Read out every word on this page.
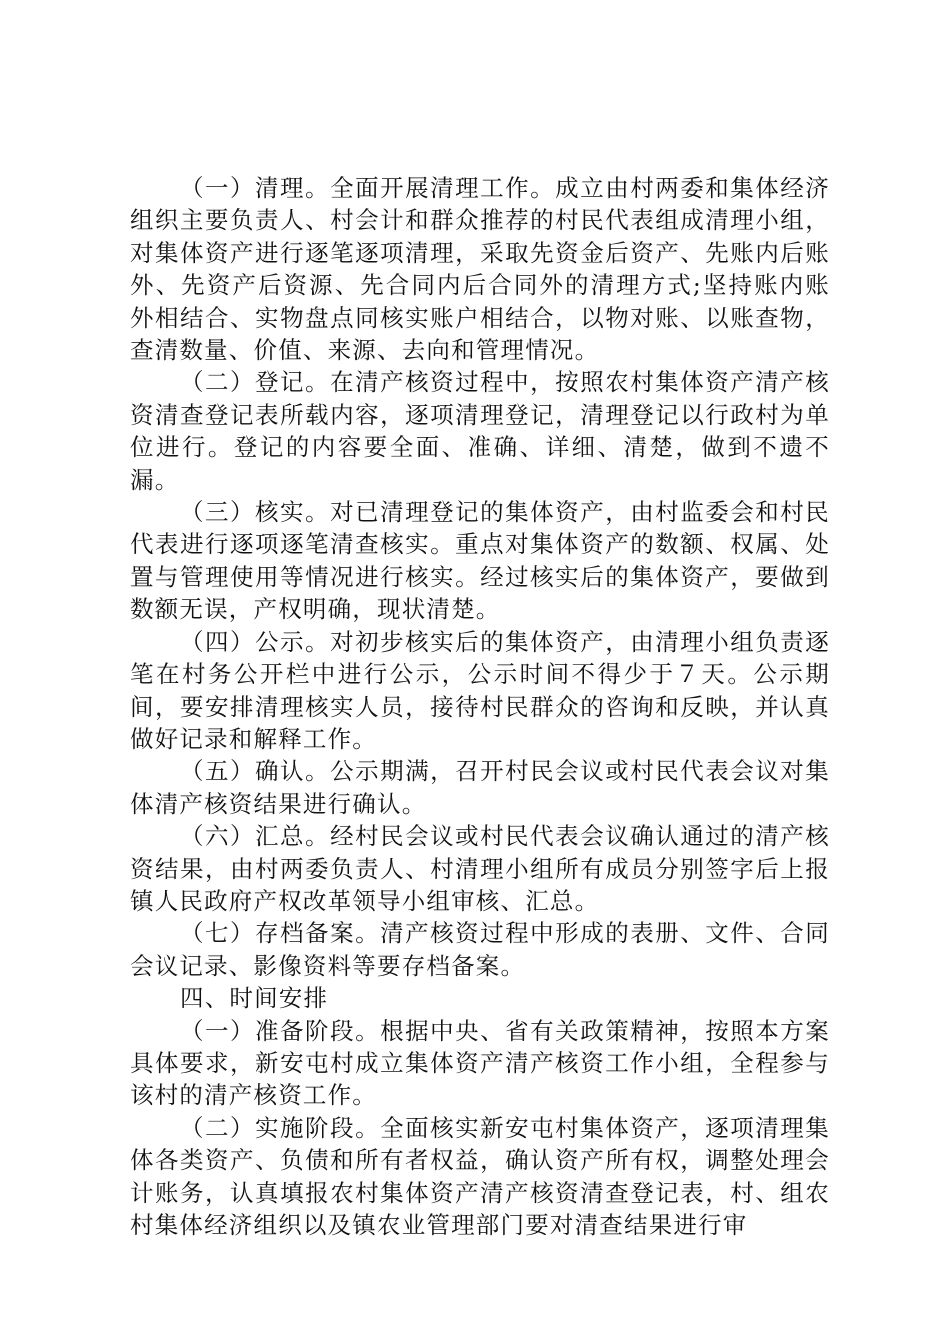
（一）清理。全面开展清理工作。成立由村两委和集体经济组织主要负责人、村会计和群众推荐的村民代表组成清理小组，对集体资产进行逐笔逐项清理，采取先资金后资产、先账内后账外、先资产后资源、先合同内后合同外的清理方式;坚持账内账外相结合、实物盘点同核实账户相结合，以物对账、以账查物，查清数量、价值、来源、去向和管理情况。

（二）登记。在清产核资过程中，按照农村集体资产清产核资清查登记表所载内容，逐项清理登记，清理登记以行政村为单位进行。登记的内容要全面、准确、详细、清楚，做到不遗不漏。

（三）核实。对已清理登记的集体资产，由村监委会和村民代表进行逐项逐笔清查核实。重点对集体资产的数额、权属、处置与管理使用等情况进行核实。经过核实后的集体资产，要做到数额无误，产权明确，现状清楚。

（四）公示。对初步核实后的集体资产，由清理小组负责逐笔在村务公开栏中进行公示，公示时间不得少于７天。公示期间，要安排清理核实人员，接待村民群众的咨询和反映，并认真做好记录和解释工作。

（五）确认。公示期满，召开村民会议或村民代表会议对集体清产核资结果进行确认。

（六）汇总。经村民会议或村民代表会议确认通过的清产核资结果，由村两委负责人、村清理小组所有成员分别签字后上报镇人民政府产权改革领导小组审核、汇总。

（七）存档备案。清产核资过程中形成的表册、文件、合同会议记录、影像资料等要存档备案。

四、时间安排

（一）准备阶段。根据中央、省有关政策精神，按照本方案具体要求，新安屯村成立集体资产清产核资工作小组，全程参与该村的清产核资工作。

（二）实施阶段。全面核实新安屯村集体资产，逐项清理集体各类资产、负债和所有者权益，确认资产所有权，调整处理会计账务，认真填报农村集体资产清产核资清查登记表，村、组农村集体经济组织以及镇农业管理部门要对清查结果进行审
